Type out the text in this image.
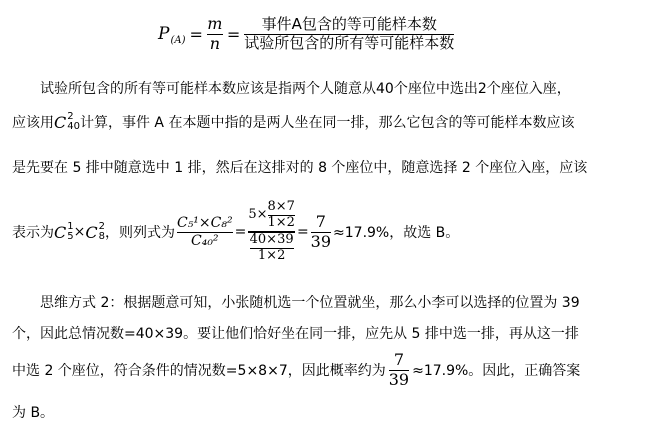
P $(A) = \frac{m}{n} = \frac{\text{事件A包含的等可能样本数}}{\text{试验所包含的所有等可能样本数}}$
试验所包含的所有等可能样本数应该是指两个人随意从40个座位中选出2个座位入座，
应该用 C 2
40 计算，事件 A 在本题中指的是两人坐在同一排，那么它包含的等可能样本数应该
是先要在 5 排中随意选中 1 排，然后在这排对的 8 个座位中，随意选择 2 个座位入座，应该
表示为 C 1
5 × C 2
8 ，则列式为 $\frac{\text{C₅¹×C₈²}}{\text{C₄₀²}} = \frac{5\times \frac{8\times 7}{1\times 2}}{\frac{40\times 39}{1\times 2}} = \frac{7}{39} \approx 17.9\%$，故选 B。
思维方式 2：根据题意可知，小张随机选一个位置就坐，那么小李可以选择的位置为 39
个，因此总情况数=40×39。要让他们恰好坐在同一排，应先从 5 排中选一排，再从这一排
中选 2 个座位，符合条件的情况数=5×8×7，因此概率约为 $\frac{7}{39} \approx 17.9\%$。因此，正确答案
为 B。
